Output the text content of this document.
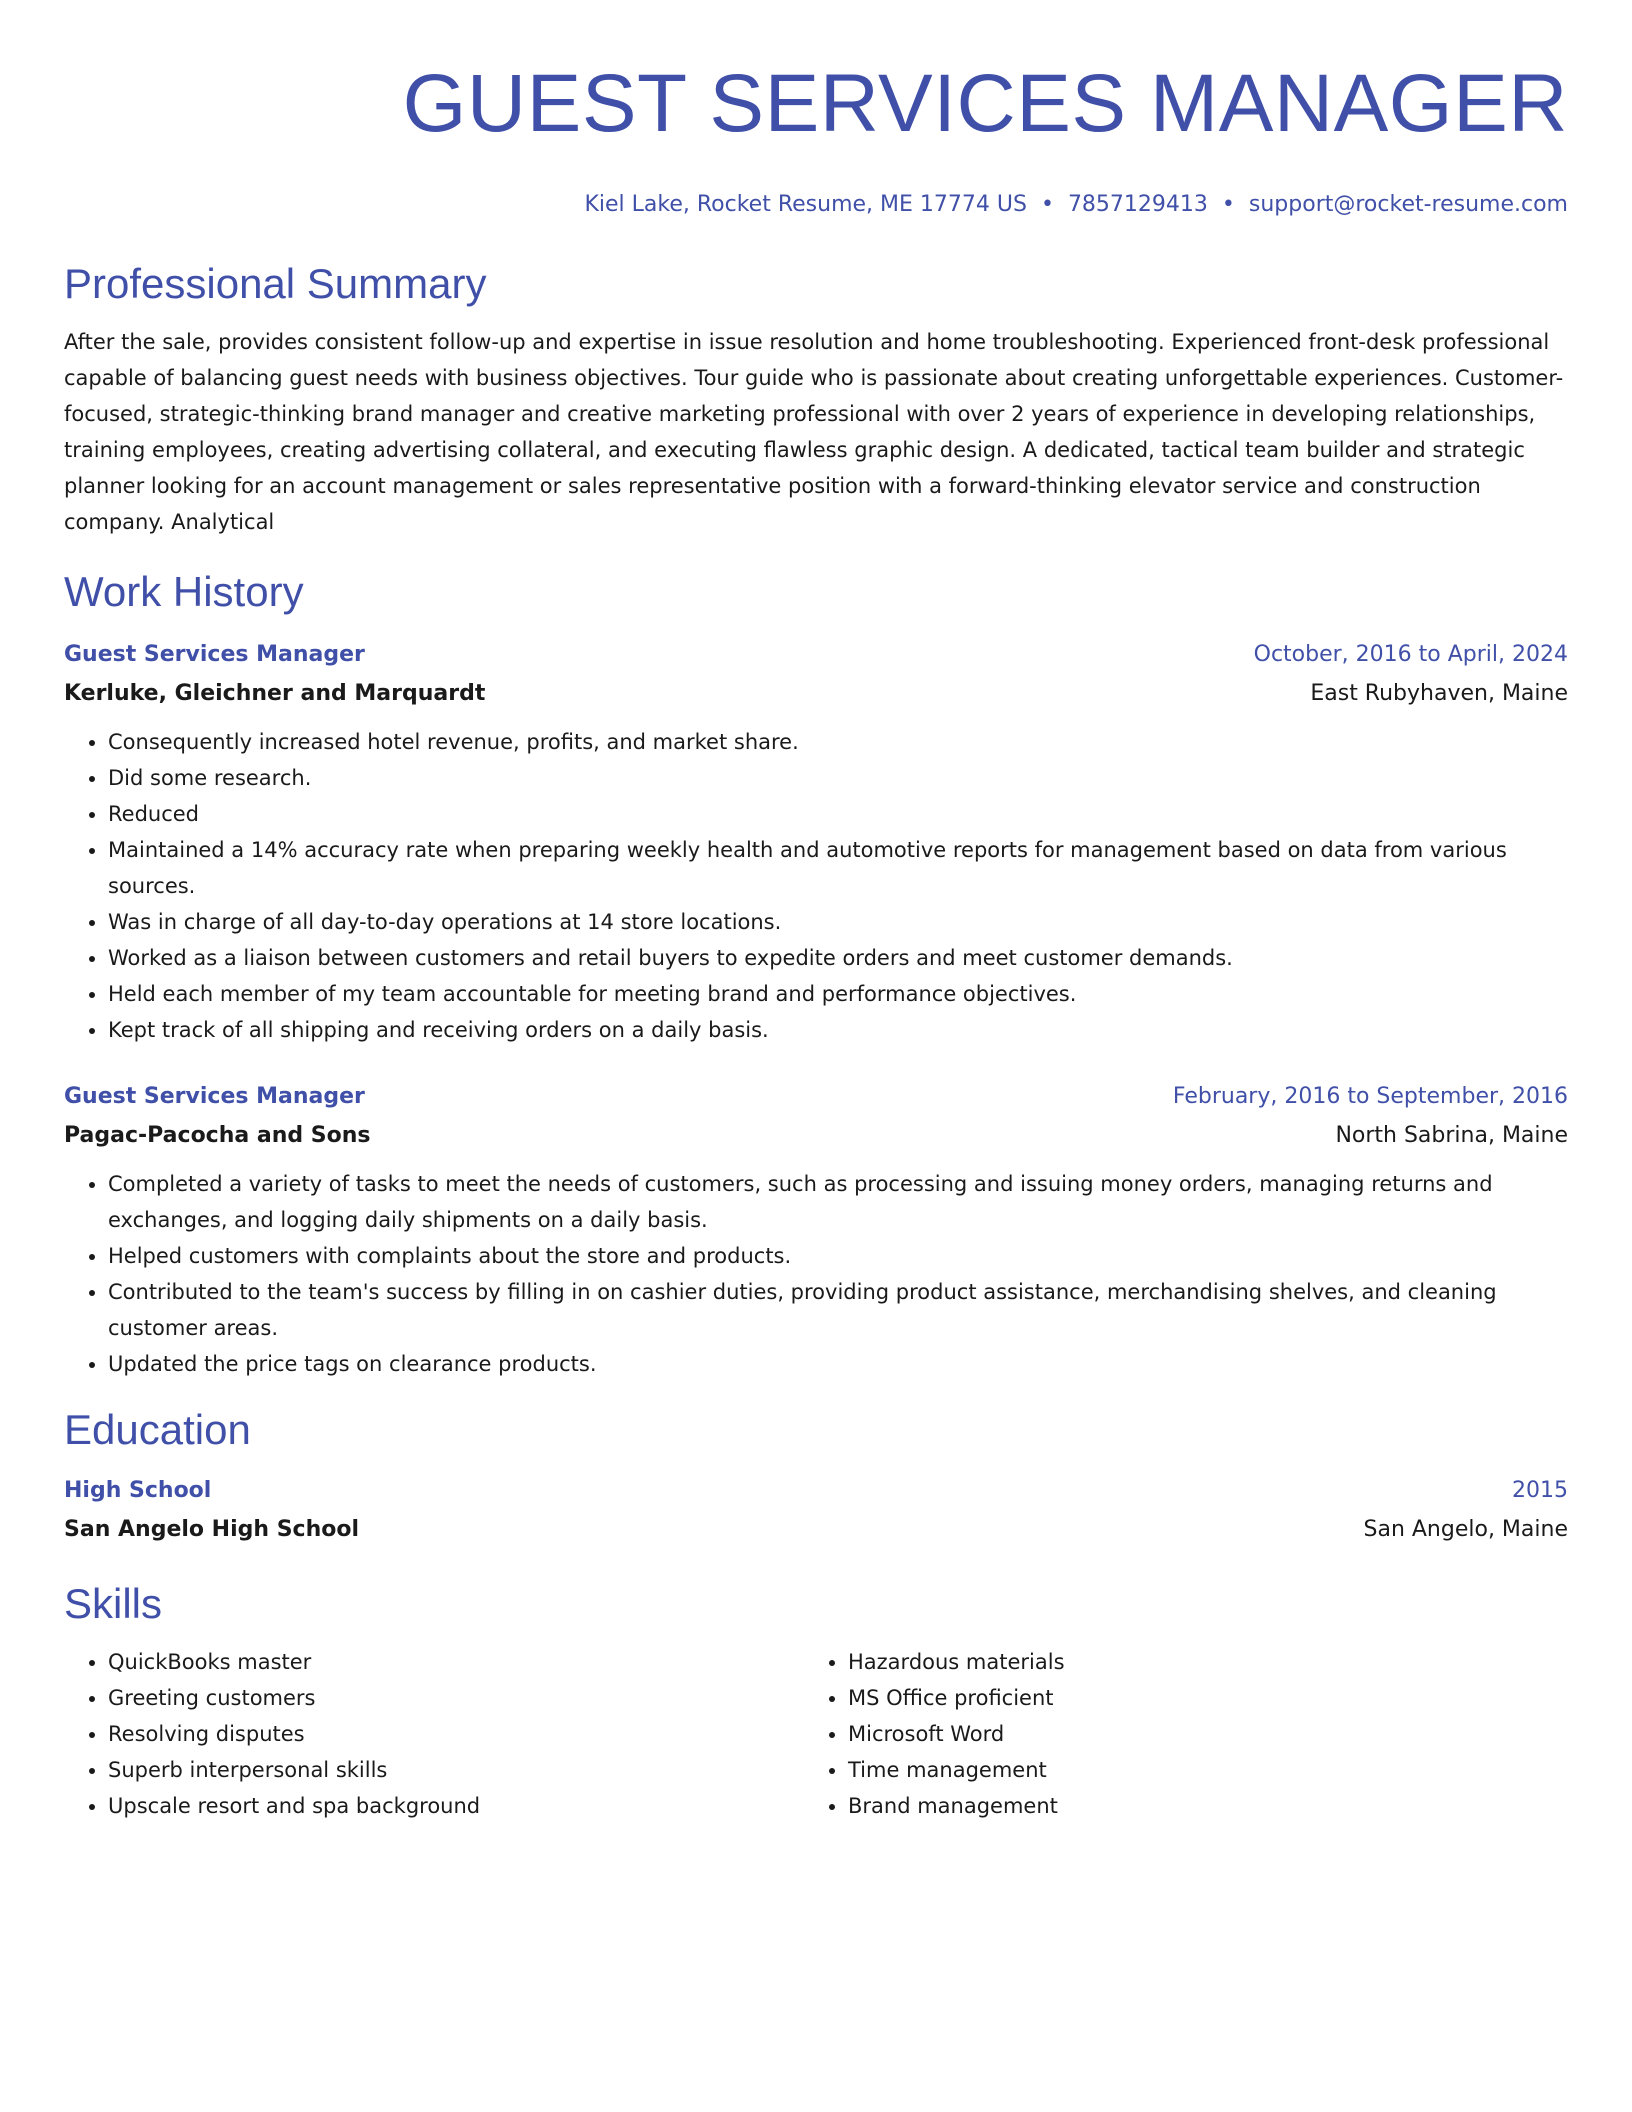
GUEST SERVICES MANAGER
Kiel Lake, Rocket Resume, ME 17774 US • 7857129413 • support@rocket-resume.com
Professional Summary

After the sale, provides consistent follow-up and expertise in issue resolution and home troubleshooting. Experienced front-desk professional capable of balancing guest needs with business objectives. Tour guide who is passionate about creating unforgettable experiences. Customer-focused, strategic-thinking brand manager and creative marketing professional with over 2 years of experience in developing relationships, training employees, creating advertising collateral, and executing flawless graphic design. A dedicated, tactical team builder and strategic planner looking for an account management or sales representative position with a forward-thinking elevator service and construction company. Analytical

Work History
Guest Services Manager	October, 2016 to April, 2024
Kerluke, Gleichner and Marquardt	East Rubyhaven, Maine
• Consequently increased hotel revenue, profits, and market share.
• Did some research.
• Reduced
• Maintained a 14% accuracy rate when preparing weekly health and automotive reports for management based on data from various sources.
• Was in charge of all day-to-day operations at 14 store locations.
• Worked as a liaison between customers and retail buyers to expedite orders and meet customer demands.
• Held each member of my team accountable for meeting brand and performance objectives.
• Kept track of all shipping and receiving orders on a daily basis.
Guest Services Manager	February, 2016 to September, 2016
Pagac-Pacocha and Sons	North Sabrina, Maine
• Completed a variety of tasks to meet the needs of customers, such as processing and issuing money orders, managing returns and exchanges, and logging daily shipments on a daily basis.
• Helped customers with complaints about the store and products.
• Contributed to the team's success by filling in on cashier duties, providing product assistance, merchandising shelves, and cleaning customer areas.
• Updated the price tags on clearance products.
Education
High School	2015
San Angelo High School	San Angelo, Maine
Skills
• QuickBooks master
• Greeting customers
• Resolving disputes
• Superb interpersonal skills
• Upscale resort and spa background
• Hazardous materials
• MS Office proficient
• Microsoft Word
• Time management
• Brand management
